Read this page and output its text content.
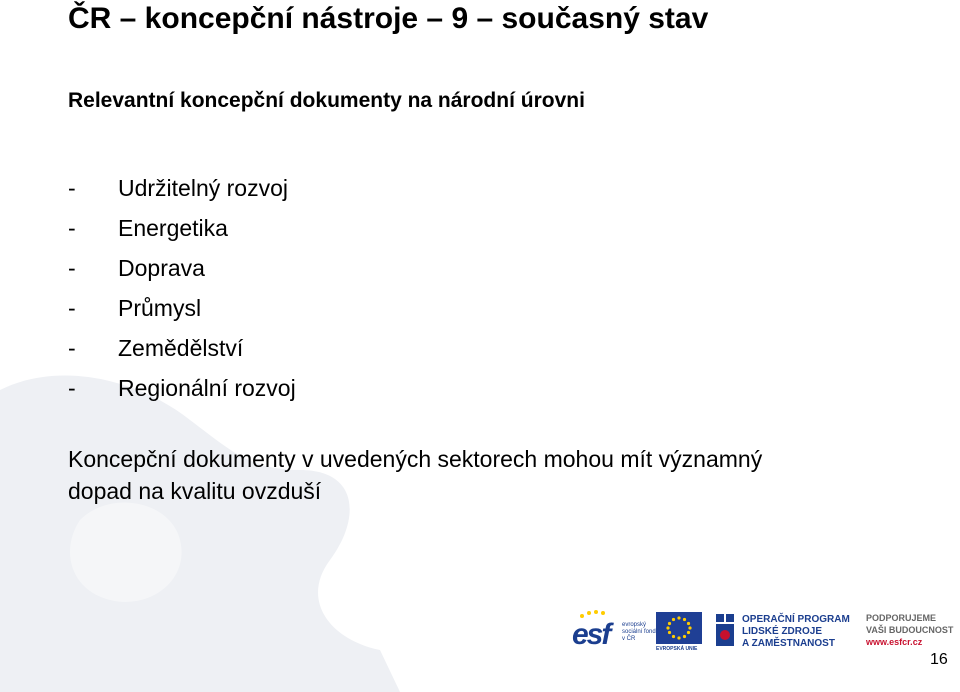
ČR – koncepční nástroje – 9 – současný stav
Relevantní koncepční dokumenty na národní úrovni
-	Udržitelný rozvoj
-	Energetika
-	Doprava
-	Průmysl
-	Zemědělství
-	Regionální rozvoj
Koncepční dokumenty v uvedených sektorech mohou mít významný
dopad na kvalitu ovzduší
esf evropský sociální fond v ČR
EVROPSKÁ UNIE
OPERAČNÍ PROGRAM
LIDSKÉ ZDROJE
A ZAMĚSTNANOST
PODPORUJEME
VAŠI BUDOUCNOST
www.esfcr.cz
16
